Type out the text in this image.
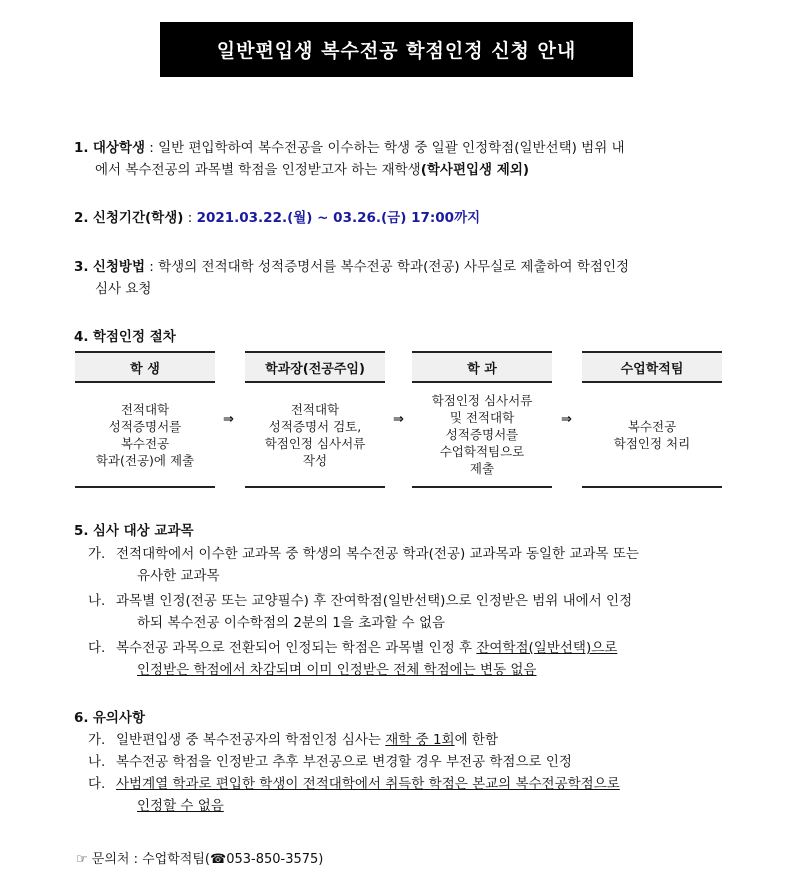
일반편입생 복수전공 학점인정 신청 안내
1. 대상학생 : 일반 편입학하여 복수전공을 이수하는 학생 중 일괄 인정학점(일반선택) 범위 내
에서 복수전공의 과목별 학점을 인정받고자 하는 재학생(학사편입생 제외)
2. 신청기간(학생) : 2021.03.22.(월) ~ 03.26.(금) 17:00까지
3. 신청방법 : 학생의 전적대학 성적증명서를 복수전공 학과(전공) 사무실로 제출하여 학점인정
심사 요청
4. 학점인정 절차
학 생
전적대학
성적증명서를
복수전공
학과(전공)에 제출
⇒
학과장(전공주임)
전적대학
성적증명서 검토,
학점인정 심사서류
작성
⇒
학 과
학점인정 심사서류
및 전적대학
성적증명서를
수업학적팀으로
제출
⇒
수업학적팀
복수전공
학점인정 처리
5. 심사 대상 교과목
가. 전적대학에서 이수한 교과목 중 학생의 복수전공 학과(전공) 교과목과 동일한 교과목 또는
유사한 교과목
나. 과목별 인정(전공 또는 교양필수) 후 잔여학점(일반선택)으로 인정받은 범위 내에서 인정
하되 복수전공 이수학점의 2분의 1을 초과할 수 없음
다. 복수전공 과목으로 전환되어 인정되는 학점은 과목별 인정 후 잔여학점(일반선택)으로
인정받은 학점에서 차감되며 이미 인정받은 전체 학점에는 변동 없음
6. 유의사항
가. 일반편입생 중 복수전공자의 학점인정 심사는 재학 중 1회에 한함
나. 복수전공 학점을 인정받고 추후 부전공으로 변경할 경우 부전공 학점으로 인정
다. 사범계열 학과로 편입한 학생이 전적대학에서 취득한 학점은 본교의 복수전공학점으로
인정할 수 없음
☞ 문의처 : 수업학적팀(☎053-850-3575)
